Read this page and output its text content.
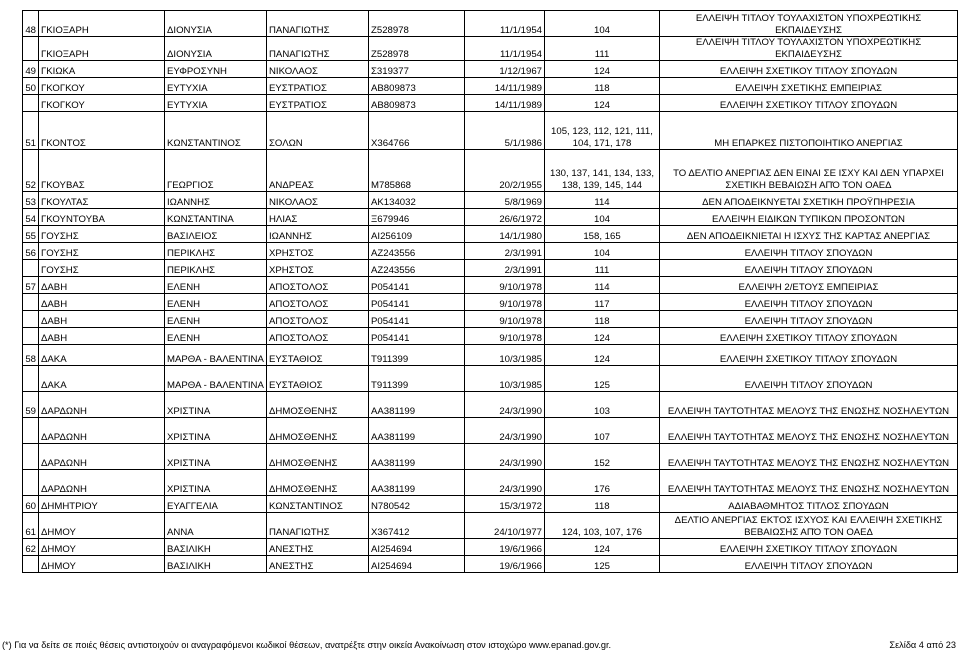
48	ΓΚΙΟΞΑΡΗ	ΔΙΟΝΥΣΙΑ	ΠΑΝΑΓΙΩΤΗΣ	Ζ528978	11/1/1954	104	ΕΛΛΕΙΨΗ ΤΙΤΛΟΥ ΤΟΥΛΑΧΙΣΤΟΝ ΥΠΟΧΡΕΩΤΙΚΗΣ ΕΚΠΑΙΔΕΥΣΗΣ
	ΓΚΙΟΞΑΡΗ	ΔΙΟΝΥΣΙΑ	ΠΑΝΑΓΙΩΤΗΣ	Ζ528978	11/1/1954	111	ΕΛΛΕΙΨΗ ΤΙΤΛΟΥ ΤΟΥΛΑΧΙΣΤΟΝ ΥΠΟΧΡΕΩΤΙΚΗΣ ΕΚΠΑΙΔΕΥΣΗΣ
49	ΓΚΙΩΚΑ	ΕΥΦΡΟΣΥΝΗ	ΝΙΚΟΛΑΟΣ	Σ319377	1/12/1967	124	ΕΛΛΕΙΨΗ ΣΧΕΤΙΚΟΥ ΤΙΤΛΟΥ ΣΠΟΥΔΩΝ
50	ΓΚΟΓΚΟΥ	ΕΥΤΥΧΙΑ	ΕΥΣΤΡΑΤΙΟΣ	ΑΒ809873	14/11/1989	118	ΕΛΛΕΙΨΗ ΣΧΕΤΙΚΗΣ ΕΜΠΕΙΡΙΑΣ
	ΓΚΟΓΚΟΥ	ΕΥΤΥΧΙΑ	ΕΥΣΤΡΑΤΙΟΣ	ΑΒ809873	14/11/1989	124	ΕΛΛΕΙΨΗ ΣΧΕΤΙΚΟΥ ΤΙΤΛΟΥ ΣΠΟΥΔΩΝ
51	ΓΚΟΝΤΟΣ	ΚΩΝΣΤΑΝΤΙΝΟΣ	ΣΟΛΩΝ	Χ364766	5/1/1986	105, 123, 112, 121, 111, 104, 171, 178	ΜΗ ΕΠΑΡΚΕΣ ΠΙΣΤΟΠΟΙΗΤΙΚΟ ΑΝΕΡΓΙΑΣ
52	ΓΚΟΥΒΑΣ	ΓΕΩΡΓΙΟΣ	ΑΝΔΡΕΑΣ	Μ785868	20/2/1955	130, 137, 141, 134, 133, 138, 139, 145, 144	ΤΟ ΔΕΛΤΙΟ ΑΝΕΡΓΙΑΣ ΔΕΝ ΕΙΝΑΙ ΣΕ ΙΣΧΥ ΚΑΙ ΔΕΝ ΥΠΑΡΧΕΙ ΣΧΕΤΙΚΗ ΒΕΒΑΙΩΣΗ ΑΠΌ ΤΟΝ ΟΑΕΔ
53	ΓΚΟΥΛΤΑΣ	ΙΩΑΝΝΗΣ	ΝΙΚΟΛΑΟΣ	ΑΚ134032	5/8/1969	114	ΔΕΝ ΑΠΟΔΕΙΚΝΥΕΤΑΙ ΣΧΕΤΙΚΗ ΠΡΟΫΠΗΡΕΣΙΑ
54	ΓΚΟΥΝΤΟΥΒΑ	ΚΩΝΣΤΑΝΤΙΝΑ	ΗΛΙΑΣ	Ξ679946	26/6/1972	104	ΕΛΛΕΙΨΗ ΕΙΔΙΚΩΝ ΤΥΠΙΚΩΝ ΠΡΟΣΟΝΤΩΝ
55	ΓΟΥΣΗΣ	ΒΑΣΙΛΕΙΟΣ	ΙΩΑΝΝΗΣ	ΑΙ256109	14/1/1980	158, 165	ΔΕΝ ΑΠΟΔΕΙΚΝΙΕΤΑΙ Η ΙΣΧΥΣ ΤΗΣ ΚΑΡΤΑΣ ΑΝΕΡΓΙΑΣ
56	ΓΟΥΣΗΣ	ΠΕΡΙΚΛΗΣ	ΧΡΗΣΤΟΣ	ΑΖ243556	2/3/1991	104	ΕΛΛΕΙΨΗ ΤΙΤΛΟΥ ΣΠΟΥΔΩΝ
	ΓΟΥΣΗΣ	ΠΕΡΙΚΛΗΣ	ΧΡΗΣΤΟΣ	ΑΖ243556	2/3/1991	111	ΕΛΛΕΙΨΗ ΤΙΤΛΟΥ ΣΠΟΥΔΩΝ
57	ΔΑΒΗ	ΕΛΕΝΗ	ΑΠΟΣΤΟΛΟΣ	Ρ054141	9/10/1978	114	ΕΛΛΕΙΨΗ 2/ΕΤΟΥΣ ΕΜΠΕΙΡΙΑΣ
	ΔΑΒΗ	ΕΛΕΝΗ	ΑΠΟΣΤΟΛΟΣ	Ρ054141	9/10/1978	117	ΕΛΛΕΙΨΗ ΤΙΤΛΟΥ ΣΠΟΥΔΩΝ
	ΔΑΒΗ	ΕΛΕΝΗ	ΑΠΟΣΤΟΛΟΣ	Ρ054141	9/10/1978	118	ΕΛΛΕΙΨΗ ΤΙΤΛΟΥ ΣΠΟΥΔΩΝ
	ΔΑΒΗ	ΕΛΕΝΗ	ΑΠΟΣΤΟΛΟΣ	Ρ054141	9/10/1978	124	ΕΛΛΕΙΨΗ ΣΧΕΤΙΚΟΥ ΤΙΤΛΟΥ ΣΠΟΥΔΩΝ
58	ΔΑΚΑ	ΜΑΡΘΑ - ΒΑΛΕΝΤΙΝΑ	ΕΥΣΤΑΘΙΟΣ	Τ911399	10/3/1985	124	ΕΛΛΕΙΨΗ ΣΧΕΤΙΚΟΥ ΤΙΤΛΟΥ ΣΠΟΥΔΩΝ
	ΔΑΚΑ	ΜΑΡΘΑ - ΒΑΛΕΝΤΙΝΑ	ΕΥΣΤΑΘΙΟΣ	Τ911399	10/3/1985	125	ΕΛΛΕΙΨΗ ΤΙΤΛΟΥ ΣΠΟΥΔΩΝ
59	ΔΑΡΔΩΝΗ	ΧΡΙΣΤΙΝΑ	ΔΗΜΟΣΘΕΝΗΣ	ΑΑ381199	24/3/1990	103	ΕΛΛΕΙΨΗ ΤΑΥΤΟΤΗΤΑΣ ΜΕΛΟΥΣ ΤΗΣ ΕΝΩΣΗΣ ΝΟΣΗΛΕΥΤΩΝ
	ΔΑΡΔΩΝΗ	ΧΡΙΣΤΙΝΑ	ΔΗΜΟΣΘΕΝΗΣ	ΑΑ381199	24/3/1990	107	ΕΛΛΕΙΨΗ ΤΑΥΤΟΤΗΤΑΣ ΜΕΛΟΥΣ ΤΗΣ ΕΝΩΣΗΣ ΝΟΣΗΛΕΥΤΩΝ
	ΔΑΡΔΩΝΗ	ΧΡΙΣΤΙΝΑ	ΔΗΜΟΣΘΕΝΗΣ	ΑΑ381199	24/3/1990	152	ΕΛΛΕΙΨΗ ΤΑΥΤΟΤΗΤΑΣ ΜΕΛΟΥΣ ΤΗΣ ΕΝΩΣΗΣ ΝΟΣΗΛΕΥΤΩΝ
	ΔΑΡΔΩΝΗ	ΧΡΙΣΤΙΝΑ	ΔΗΜΟΣΘΕΝΗΣ	ΑΑ381199	24/3/1990	176	ΕΛΛΕΙΨΗ ΤΑΥΤΟΤΗΤΑΣ ΜΕΛΟΥΣ ΤΗΣ ΕΝΩΣΗΣ ΝΟΣΗΛΕΥΤΩΝ
60	ΔΗΜΗΤΡΙΟΥ	ΕΥΑΓΓΕΛΙΑ	ΚΩΝΣΤΑΝΤΙΝΟΣ	Ν780542	15/3/1972	118	ΑΔΙΑΒΑΘΜΗΤΟΣ ΤΙΤΛΟΣ ΣΠΟΥΔΩΝ
61	ΔΗΜΟΥ	ΑΝΝΑ	ΠΑΝΑΓΙΩΤΗΣ	Χ367412	24/10/1977	124, 103, 107, 176	ΔΕΛΤΙΟ ΑΝΕΡΓΙΑΣ ΕΚΤΟΣ ΙΣΧΥΟΣ ΚΑΙ ΕΛΛΕΙΨΗ ΣΧΕΤΙΚΗΣ ΒΕΒΑΙΩΣΗΣ ΑΠΌ ΤΟΝ ΟΑΕΔ
62	ΔΗΜΟΥ	ΒΑΣΙΛΙΚΗ	ΑΝΕΣΤΗΣ	ΑΙ254694	19/6/1966	124	ΕΛΛΕΙΨΗ ΣΧΕΤΙΚΟΥ ΤΙΤΛΟΥ ΣΠΟΥΔΩΝ
	ΔΗΜΟΥ	ΒΑΣΙΛΙΚΗ	ΑΝΕΣΤΗΣ	ΑΙ254694	19/6/1966	125	ΕΛΛΕΙΨΗ ΤΙΤΛΟΥ ΣΠΟΥΔΩΝ
(*) Για να δείτε σε ποιές θέσεις αντιστοιχούν οι αναγραφόμενοι κωδικοί θέσεων, ανατρέξτε στην οικεία Ανακοίνωση στον ιστοχώρο www.epanad.gov.gr.	Σελίδα 4 από 23
